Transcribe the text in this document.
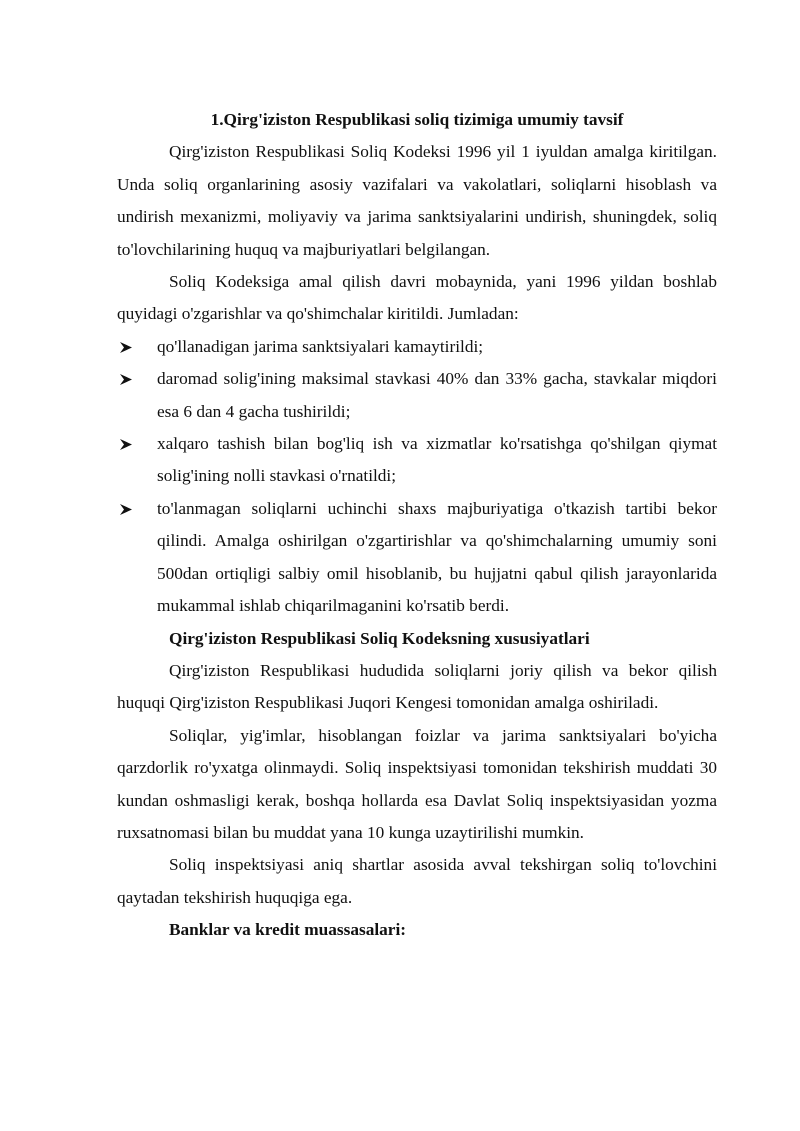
1.Qirg'iziston Respublikasi soliq tizimiga umumiy tavsif

Qirg'iziston Respublikasi Soliq Kodeksi 1996 yil 1 iyuldan amalga kiritilgan. Unda soliq organlarining asosiy vazifalari va vakolatlari, soliqlarni hisoblash va undirish mexanizmi, moliyaviy va jarima sanktsiyalarini undirish, shuningdek, soliq to'lovchilarining huquq va majburiyatlari belgilangan.

Soliq Kodeksiga amal qilish davri mobaynida, yani 1996 yildan boshlab quyidagi o'zgarishlar va qo'shimchalar kiritildi. Jumladan:

qo'llanadigan jarima sanktsiyalari kamaytirildi;
daromad solig'ining maksimal stavkasi 40% dan 33% gacha, stavkalar miqdori esa 6 dan 4 gacha tushirildi;
xalqaro tashish bilan bog'liq ish va xizmatlar ko'rsatishga qo'shilgan qiymat solig'ining nolli stavkasi o'rnatildi;
to'lanmagan soliqlarni uchinchi shaxs majburiyatiga o'tkazish tartibi bekor qilindi. Amalga oshirilgan o'zgartirishlar va qo'shimchalarning umumiy soni 500dan ortiqligi salbiy omil hisoblanib, bu hujjatni qabul qilish jarayonlarida mukammal ishlab chiqarilmaganini ko'rsatib berdi.

Qirg'iziston Respublikasi Soliq Kodeksning xususiyatlari

Qirg'iziston Respublikasi hududida soliqlarni joriy qilish va bekor qilish huquqi Qirg'iziston Respublikasi Juqori Kengesi tomonidan amalga oshiriladi.

Soliqlar, yig'imlar, hisoblangan foizlar va jarima sanktsiyalari bo'yicha qarzdorlik ro'yxatga olinmaydi. Soliq inspektsiyasi tomonidan tekshirish muddati 30 kundan oshmasligi kerak, boshqa hollarda esa Davlat Soliq inspektsiyasidan yozma ruxsatnomasi bilan bu muddat yana 10 kunga uzaytirilishi mumkin.

Soliq inspektsiyasi aniq shartlar asosida avval tekshirgan soliq to'lovchini qaytadan tekshirish huquqiga ega.

Banklar va kredit muassasalari:
